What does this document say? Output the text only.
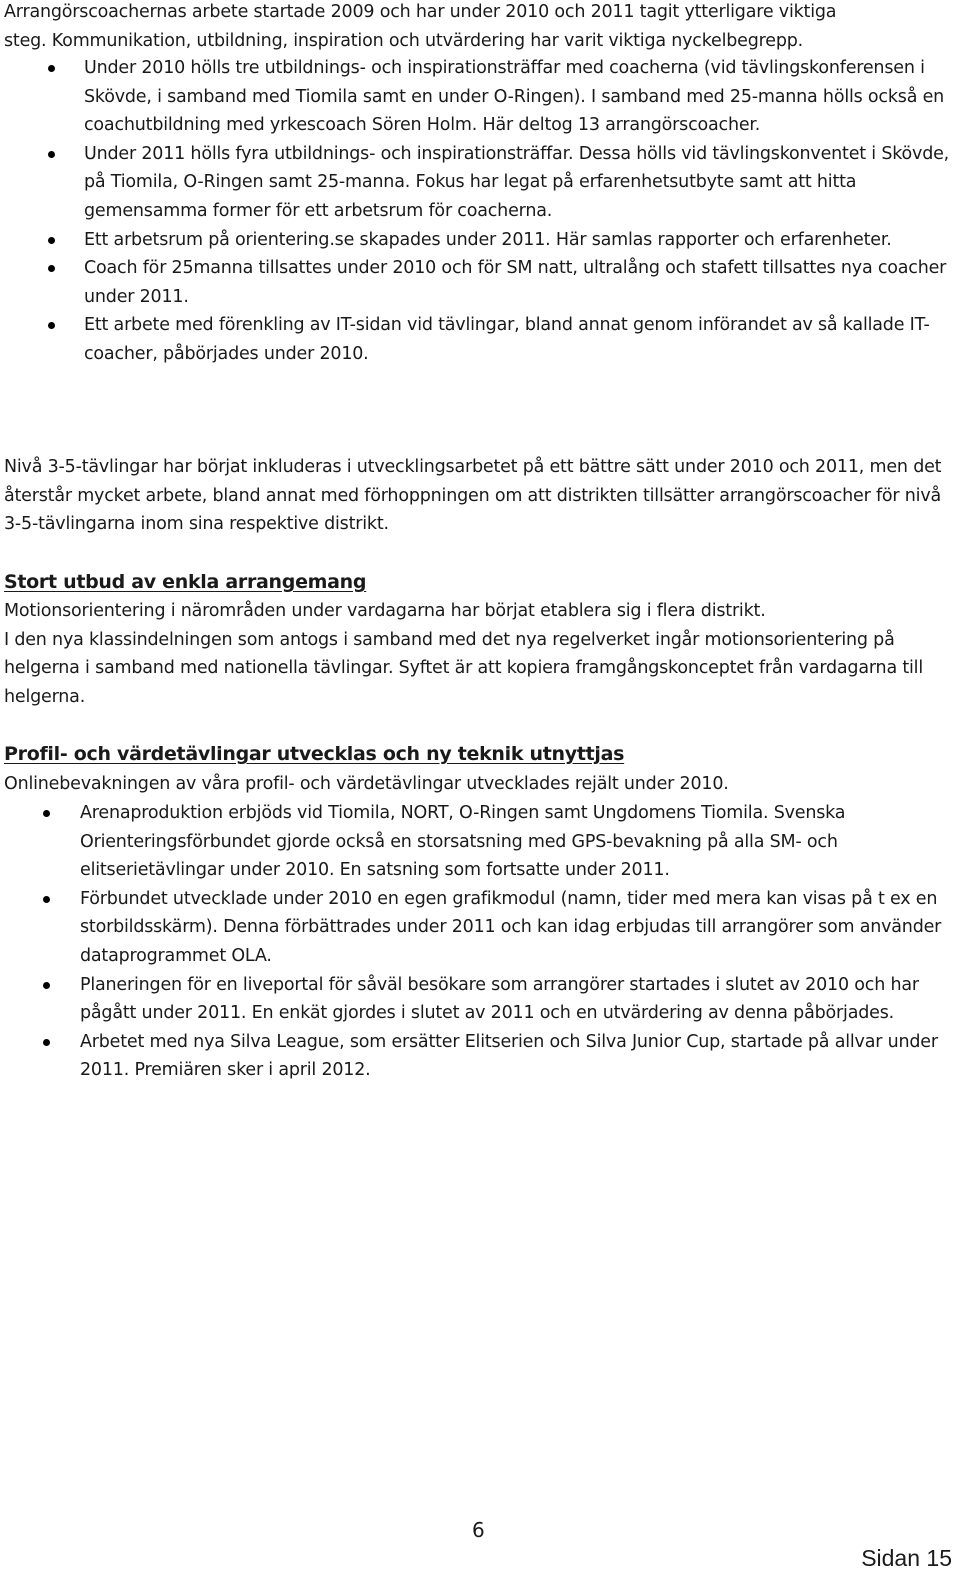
Arrangörscoachernas arbete startade 2009 och har under 2010 och 2011 tagit ytterligare viktiga
steg. Kommunikation, utbildning, inspiration och utvärdering har varit viktiga nyckelbegrepp.

Under 2010 hölls tre utbildnings- och inspirationsträffar med coacherna (vid tävlingskonferensen i Skövde, i samband med Tiomila samt en under O-Ringen). I samband med 25-manna hölls också en coachutbildning med yrkescoach Sören Holm. Här deltog 13 arrangörscoacher.
Under 2011 hölls fyra utbildnings- och inspirationsträffar. Dessa hölls vid tävlingskonventet i Skövde, på Tiomila, O-Ringen samt 25-manna. Fokus har legat på erfarenhetsutbyte samt att hitta gemensamma former för ett arbetsrum för coacherna.
Ett arbetsrum på orientering.se skapades under 2011. Här samlas rapporter och erfarenheter.
Coach för 25manna tillsattes under 2010 och för SM natt, ultralång och stafett tillsattes nya coacher under 2011.
Ett arbete med förenkling av IT-sidan vid tävlingar, bland annat genom införandet av så kallade IT-coacher, påbörjades under 2010.

Nivå 3-5-tävlingar har börjat inkluderas i utvecklingsarbetet på ett bättre sätt under 2010 och 2011, men det återstår mycket arbete, bland annat med förhoppningen om att distrikten tillsätter arrangörscoacher för nivå 3-5-tävlingarna inom sina respektive distrikt.

Stort utbud av enkla arrangemang

Motionsorientering i närområden under vardagarna har börjat etablera sig i flera distrikt.
I den nya klassindelningen som antogs i samband med det nya regelverket ingår motionsorientering på helgerna i samband med nationella tävlingar. Syftet är att kopiera framgångskonceptet från vardagarna till helgerna.

Profil- och värdetävlingar utvecklas och ny teknik utnyttjas

Onlinebevakningen av våra profil- och värdetävlingar utvecklades rejält under 2010.

Arenaproduktion erbjöds vid Tiomila, NORT, O-Ringen samt Ungdomens Tiomila. Svenska Orienteringsförbundet gjorde också en storsatsning med GPS-bevakning på alla SM- och elitserietävlingar under 2010. En satsning som fortsatte under 2011.
Förbundet utvecklade under 2010 en egen grafikmodul (namn, tider med mera kan visas på t ex en storbildsskärm). Denna förbättrades under 2011 och kan idag erbjudas till arrangörer som använder dataprogrammet OLA.
Planeringen för en liveportal för såväl besökare som arrangörer startades i slutet av 2010 och har pågått under 2011. En enkät gjordes i slutet av 2011 och en utvärdering av denna påbörjades.
Arbetet med nya Silva League, som ersätter Elitserien och Silva Junior Cup, startade på allvar under 2011. Premiären sker i april 2012.
6
Sidan 15
